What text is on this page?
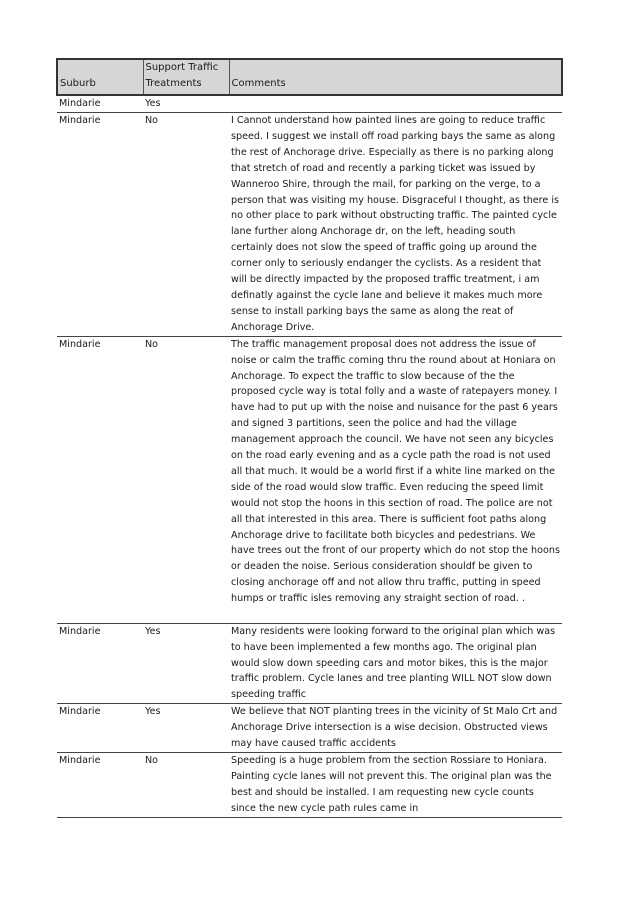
Suburb	Support Traffic Treatments	Comments
Mindarie	Yes	
Mindarie	No	I Cannot understand how painted lines are going to reduce traffic speed. I suggest we install off road parking bays the same as along the rest of Anchorage drive. Especially as there is no parking along that stretch of road and recently a parking ticket was issued by Wanneroo Shire, through the mail, for parking on the verge, to a person that was visiting my house. Disgraceful I thought, as there is no other place to park without obstructing traffic. The painted cycle lane further along Anchorage dr, on the left, heading south certainly does not slow the speed of traffic going up around the corner only to seriously endanger the cyclists. As a resident that will be directly impacted by the proposed traffic treatment, i am definatly against the cycle lane and believe it makes much more sense to install parking bays the same as along the reat of Anchorage Drive.
Mindarie	No	The traffic management proposal does not address the issue of noise or calm the traffic coming thru the round about at Honiara on Anchorage. To expect the traffic to slow because of the the proposed cycle way is total folly and a waste of ratepayers money. I have had to put up with the noise and nuisance for the past 6 years and signed 3 partitions, seen the police and had the village management approach the council. We have not seen any bicycles on the road early evening and as a cycle path the road is not used all that much. It would be a world first if a white line marked on the side of the road would slow traffic. Even reducing the speed limit would not stop the hoons in this section of road. The police are not all that interested in this area. There is sufficient foot paths along Anchorage drive to facilitate both bicycles and pedestrians. We have trees out the front of our property which do not stop the hoons or deaden the noise. Serious consideration shouldf be given to closing anchorage off and not allow thru traffic, putting in speed humps or traffic isles removing any straight section of road. .
Mindarie	Yes	Many residents were looking forward to the original plan which was to have been implemented a few months ago. The original plan would slow down speeding cars and motor bikes, this is the major traffic problem. Cycle lanes and tree planting WILL NOT slow down speeding traffic
Mindarie	Yes	We believe that NOT planting trees in the vicinity of St Malo Crt and Anchorage Drive intersection is a wise decision. Obstructed views may have caused traffic accidents
Mindarie	No	Speeding is a huge problem from the section Rossiare to Honiara. Painting cycle lanes will not prevent this. The original plan was the best and should be installed. I am requesting new cycle counts since the new cycle path rules came in
